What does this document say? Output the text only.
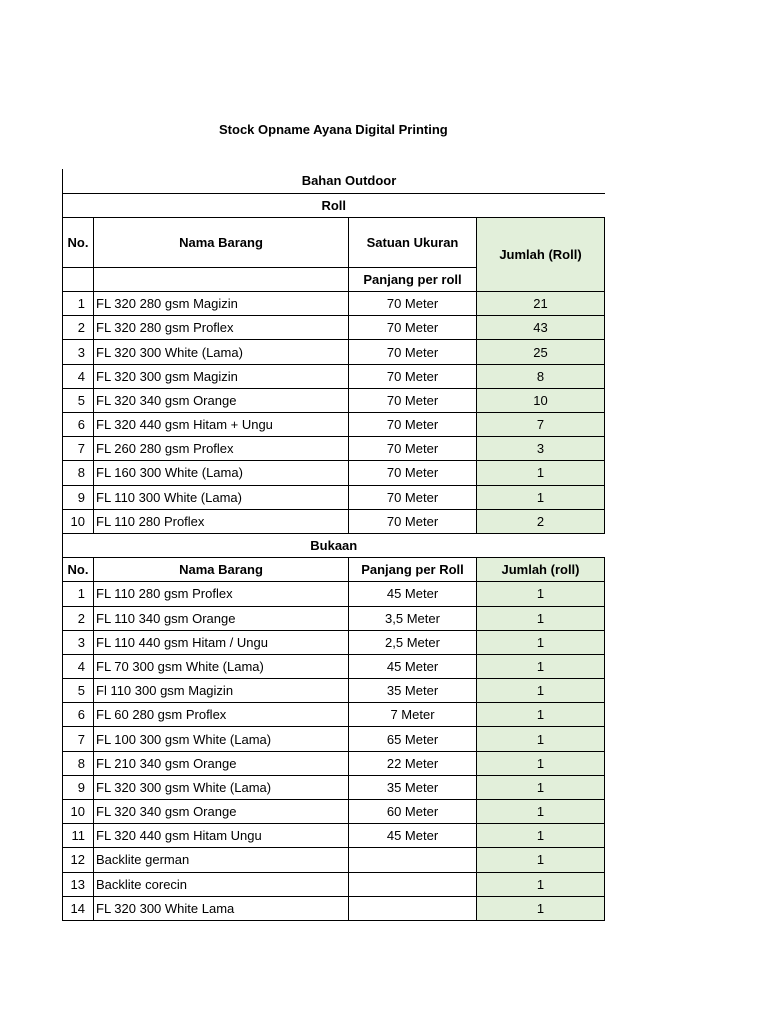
Stock Opname Ayana Digital Printing
	Bahan Outdoor		
Roll			
No.	Nama Barang	Satuan Ukuran	Jumlah (Roll)
		Panjang per roll	
1	FL 320 280 gsm Magizin	70 Meter	21
2	FL 320 280 gsm Proflex	70 Meter	43
3	FL 320 300 White (Lama)	70 Meter	25
4	FL 320 300 gsm Magizin	70 Meter	8
5	FL 320 340 gsm Orange	70 Meter	10
6	FL 320 440 gsm Hitam + Ungu	70 Meter	7
7	FL 260 280 gsm Proflex	70 Meter	3
8	FL 160 300 White (Lama)	70 Meter	1
9	FL 110 300 White (Lama)	70 Meter	1
10	FL 110 280 Proflex	70 Meter	2
Bukaan			
No.	Nama Barang	Panjang per Roll	Jumlah (roll)
1	FL 110 280 gsm Proflex	45 Meter	1
2	FL 110 340 gsm Orange	3,5 Meter	1
3	FL 110 440 gsm Hitam / Ungu	2,5 Meter	1
4	FL 70 300 gsm White (Lama)	45 Meter	1
5	Fl 110 300 gsm Magizin	35 Meter	1
6	FL 60 280 gsm Proflex	7 Meter	1
7	FL 100 300 gsm White (Lama)	65 Meter	1
8	FL 210 340 gsm Orange	22 Meter	1
9	FL 320 300 gsm White (Lama)	35 Meter	1
10	FL 320 340 gsm Orange	60 Meter	1
11	FL 320 440 gsm Hitam Ungu	45 Meter	1
12	Backlite german		1
13	Backlite corecin		1
14	FL 320 300 White Lama		1
